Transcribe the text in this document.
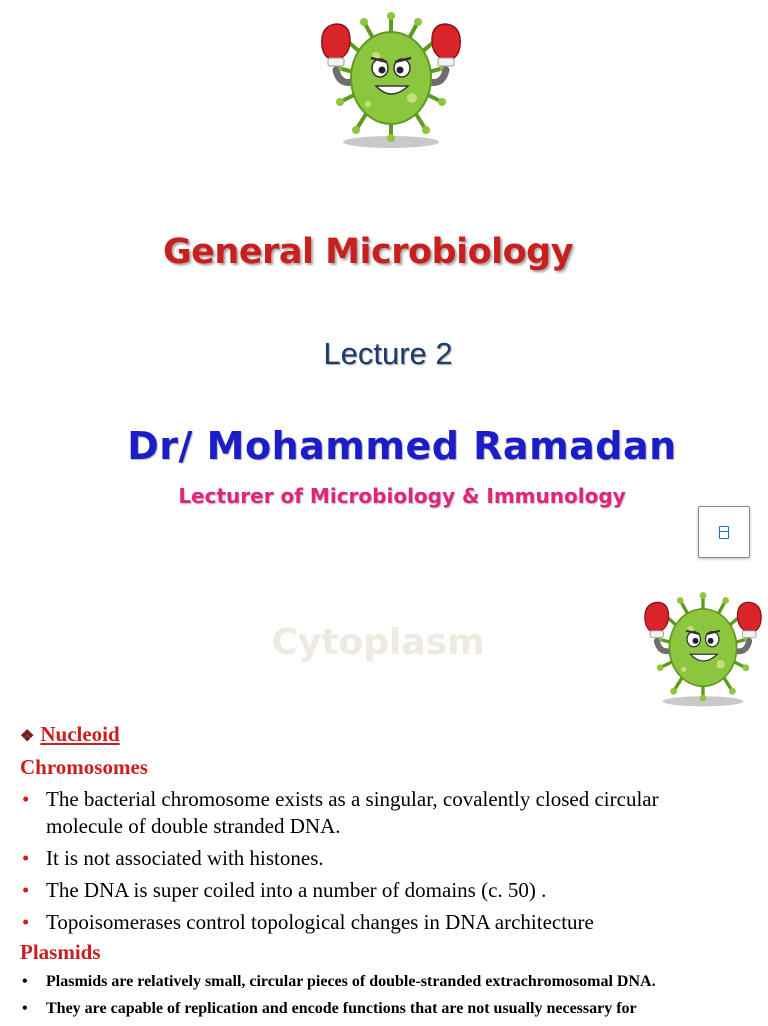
General Microbiology
Lecture 2
Dr/ Mohammed Ramadan
Lecturer of Microbiology & Immunology
Cytoplasm
❖ Nucleoid
Chromosomes
• The bacterial chromosome exists as a singular, covalently closed circular molecule of double stranded DNA.
• It is not associated with histones.
• The DNA is super coiled into a number of domains (c. 50) .
• Topoisomerases control topological changes in DNA architecture
Plasmids
• Plasmids are relatively small, circular pieces of double-stranded extrachromosomal DNA.
• They are capable of replication and encode functions that are not usually necessary for
